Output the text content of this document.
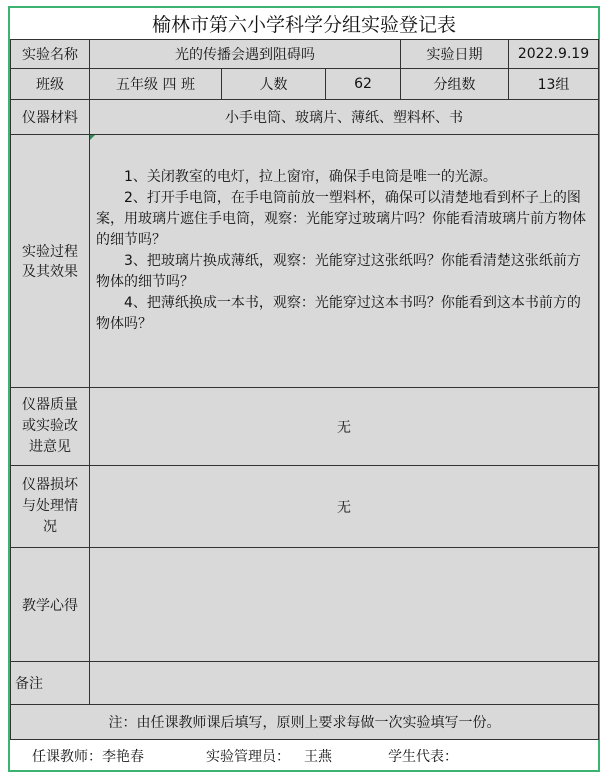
榆林市第六小学科学分组实验登记表
实验名称	光的传播会遇到阻碍吗			实验日期	2022.9.19
班级	五年级 四 班	人数	62	分组数	13组
仪器材料	小手电筒、玻璃片、薄纸、塑料杯、书				
实验过程及其效果	1、关闭教室的电灯，拉上窗帘，确保手电筒是唯一的光源。

2、打开手电筒，在手电筒前放一塑料杯，确保可以清楚地看到杯子上的图案，用玻璃片遮住手电筒，观察：光能穿过玻璃片吗？你能看清玻璃片前方物体的细节吗？

3、把玻璃片换成薄纸，观察：光能穿过这张纸吗？你能看清楚这张纸前方物体的细节吗？

4、把薄纸换成一本书，观察：光能穿过这本书吗？你能看到这本书前方的物体吗？				

仪器质量或实验改进意见	无				
仪器损坏与处理情况	无				
教学心得					
备注					
注：由任课教师课后填写，原则上要求每做一次实验填写一份。					
任课教师： 李艳春	实验管理员： 王燕	学生代表：
